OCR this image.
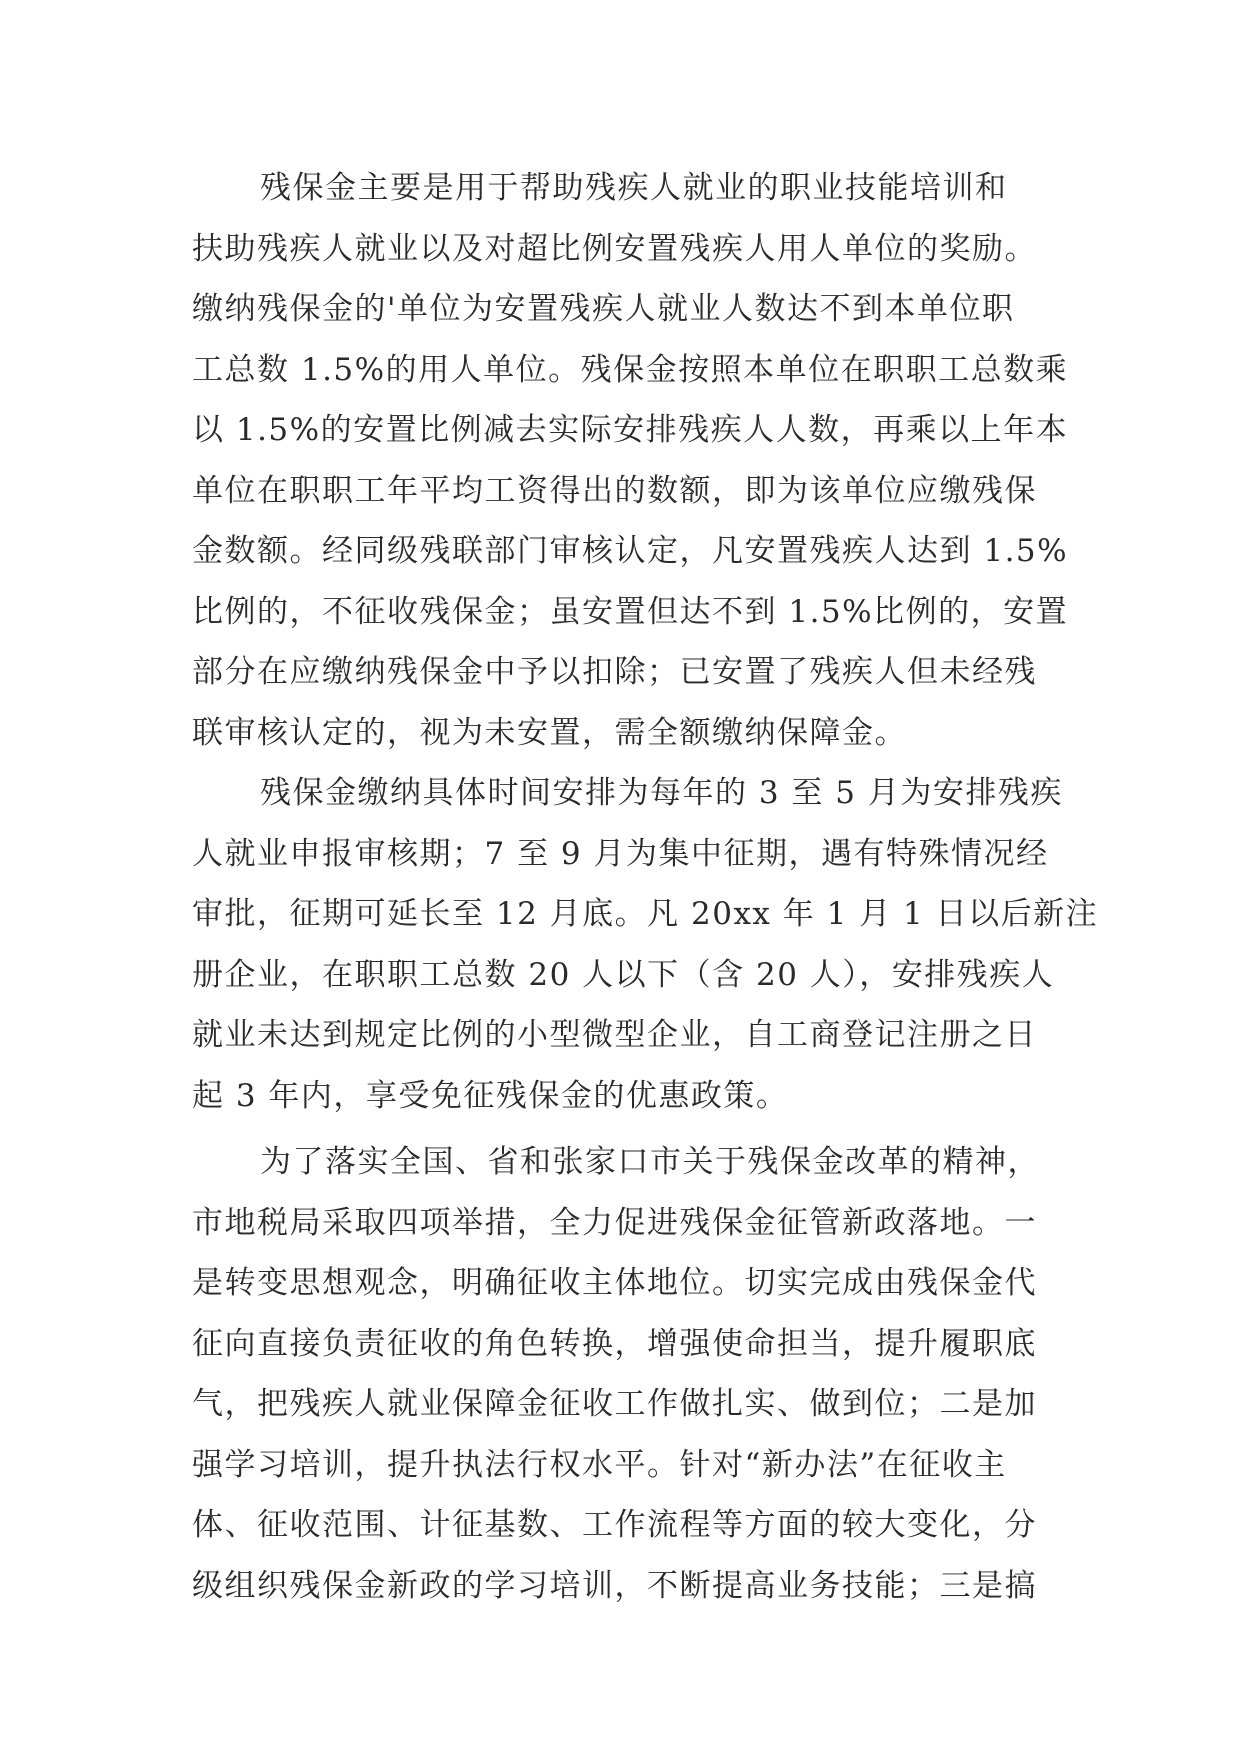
残保金主要是用于帮助残疾人就业的职业技能培训和
扶助残疾人就业以及对超比例安置残疾人用人单位的奖励。
缴纳残保金的'单位为安置残疾人就业人数达不到本单位职
工总数 1.5%的用人单位。残保金按照本单位在职职工总数乘
以 1.5%的安置比例减去实际安排残疾人人数，再乘以上年本
单位在职职工年平均工资得出的数额，即为该单位应缴残保
金数额。经同级残联部门审核认定，凡安置残疾人达到 1.5%
比例的，不征收残保金；虽安置但达不到 1.5%比例的，安置
部分在应缴纳残保金中予以扣除；已安置了残疾人但未经残
联审核认定的，视为未安置，需全额缴纳保障金。
残保金缴纳具体时间安排为每年的 3 至 5 月为安排残疾
人就业申报审核期；7 至 9 月为集中征期，遇有特殊情况经
审批，征期可延长至 12 月底。凡 20xx 年 1 月 1 日以后新注
册企业，在职职工总数 20 人以下（含 20 人），安排残疾人
就业未达到规定比例的小型微型企业，自工商登记注册之日
起 3 年内，享受免征残保金的优惠政策。
为了落实全国、省和张家口市关于残保金改革的精神，
市地税局采取四项举措，全力促进残保金征管新政落地。一
是转变思想观念，明确征收主体地位。切实完成由残保金代
征向直接负责征收的角色转换，增强使命担当，提升履职底
气，把残疾人就业保障金征收工作做扎实、做到位；二是加
强学习培训，提升执法行权水平。针对“新办法”在征收主
体、征收范围、计征基数、工作流程等方面的较大变化，分
级组织残保金新政的学习培训，不断提高业务技能；三是搞
